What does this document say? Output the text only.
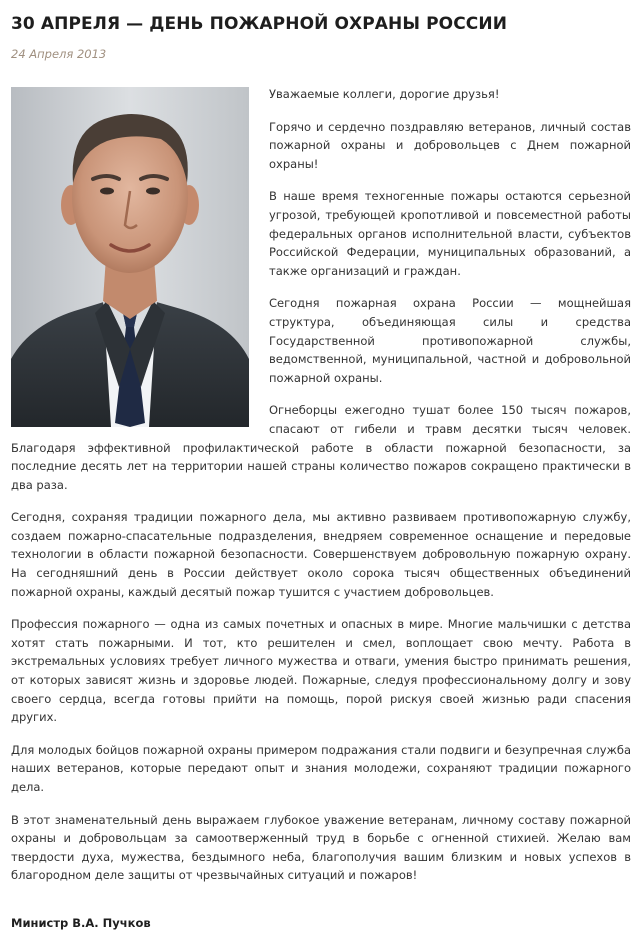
30 АПРЕЛЯ — ДЕНЬ ПОЖАРНОЙ ОХРАНЫ РОССИИ
24 Апреля 2013

Уважаемые коллеги, дорогие друзья!

Горячо и сердечно поздравляю ветеранов, личный состав пожарной охраны и добровольцев с Днем пожарной охраны!

В наше время техногенные пожары остаются серьезной угрозой, требующей кропотливой и повсеместной работы федеральных органов исполнительной власти, субъектов Российской Федерации, муниципальных образований, а также организаций и граждан.

Сегодня пожарная охрана России — мощнейшая структура, объединяющая силы и средства Государственной противопожарной службы, ведомственной, муниципальной, частной и добровольной пожарной охраны.

Огнеборцы ежегодно тушат более 150 тысяч пожаров, спасают от гибели и травм десятки тысяч человек. Благодаря эффективной профилактической работе в области пожарной безопасности, за последние десять лет на территории нашей страны количество пожаров сокращено практически в два раза.

Сегодня, сохраняя традиции пожарного дела, мы активно развиваем противопожарную службу, создаем пожарно-спасательные подразделения, внедряем современное оснащение и передовые технологии в области пожарной безопасности. Совершенствуем добровольную пожарную охрану. На сегодняшний день в России действует около сорока тысяч общественных объединений пожарной охраны, каждый десятый пожар тушится с участием добровольцев.

Профессия пожарного — одна из самых почетных и опасных в мире. Многие мальчишки с детства хотят стать пожарными. И тот, кто решителен и смел, воплощает свою мечту. Работа в экстремальных условиях требует личного мужества и отваги, умения быстро принимать решения, от которых зависят жизнь и здоровье людей. Пожарные, следуя профессиональному долгу и зову своего сердца, всегда готовы прийти на помощь, порой рискуя своей жизнью ради спасения других.

Для молодых бойцов пожарной охраны примером подражания стали подвиги и безупречная служба наших ветеранов, которые передают опыт и знания молодежи, сохраняют традиции пожарного дела.

В этот знаменательный день выражаем глубокое уважение ветеранам, личному составу пожарной охраны и добровольцам за самоотверженный труд в борьбе с огненной стихией. Желаю вам твердости духа, мужества, бездымного неба, благополучия вашим близким и новых успехов в благородном деле защиты от чрезвычайных ситуаций и пожаров!

Министр В.А. Пучков
